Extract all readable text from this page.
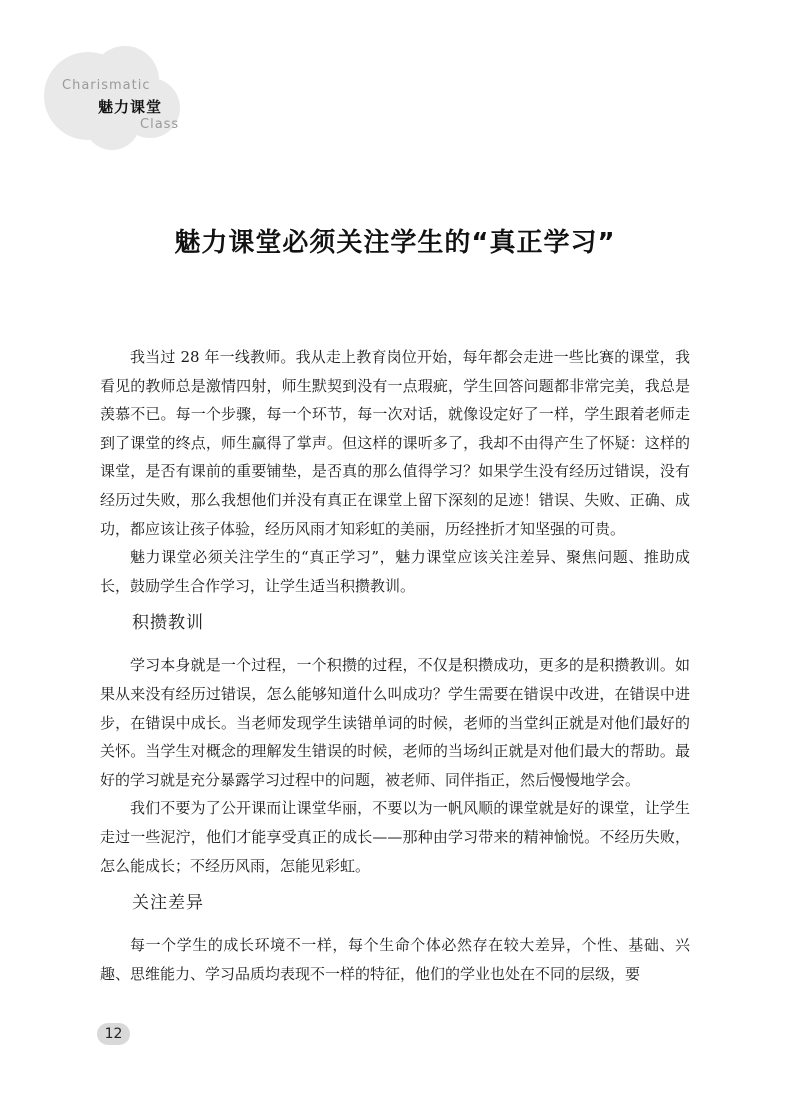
Charismatic
魅力课堂
Class
魅力课堂必须关注学生的“真正学习”

我当过 28 年一线教师。我从走上教育岗位开始，每年都会走进一些比赛的课堂，我看见的教师总是激情四射，师生默契到没有一点瑕疵，学生回答问题都非常完美，我总是羡慕不已。每一个步骤，每一个环节，每一次对话，就像设定好了一样，学生跟着老师走到了课堂的终点，师生赢得了掌声。但这样的课听多了，我却不由得产生了怀疑：这样的课堂，是否有课前的重要铺垫，是否真的那么值得学习？如果学生没有经历过错误，没有经历过失败，那么我想他们并没有真正在课堂上留下深刻的足迹！错误、失败、正确、成功，都应该让孩子体验，经历风雨才知彩虹的美丽，历经挫折才知坚强的可贵。

魅力课堂必须关注学生的“真正学习”，魅力课堂应该关注差异、聚焦问题、推助成长，鼓励学生合作学习，让学生适当积攒教训。

积攒教训

学习本身就是一个过程，一个积攒的过程，不仅是积攒成功，更多的是积攒教训。如果从来没有经历过错误，怎么能够知道什么叫成功？学生需要在错误中改进，在错误中进步，在错误中成长。当老师发现学生读错单词的时候，老师的当堂纠正就是对他们最好的关怀。当学生对概念的理解发生错误的时候，老师的当场纠正就是对他们最大的帮助。最好的学习就是充分暴露学习过程中的问题，被老师、同伴指正，然后慢慢地学会。

我们不要为了公开课而让课堂华丽，不要以为一帆风顺的课堂就是好的课堂，让学生走过一些泥泞，他们才能享受真正的成长——那种由学习带来的精神愉悦。不经历失败，怎么能成长；不经历风雨，怎能见彩虹。

关注差异

每一个学生的成长环境不一样，每个生命个体必然存在较大差异，个性、基础、兴趣、思维能力、学习品质均表现不一样的特征，他们的学业也处在不同的层级，要

12
